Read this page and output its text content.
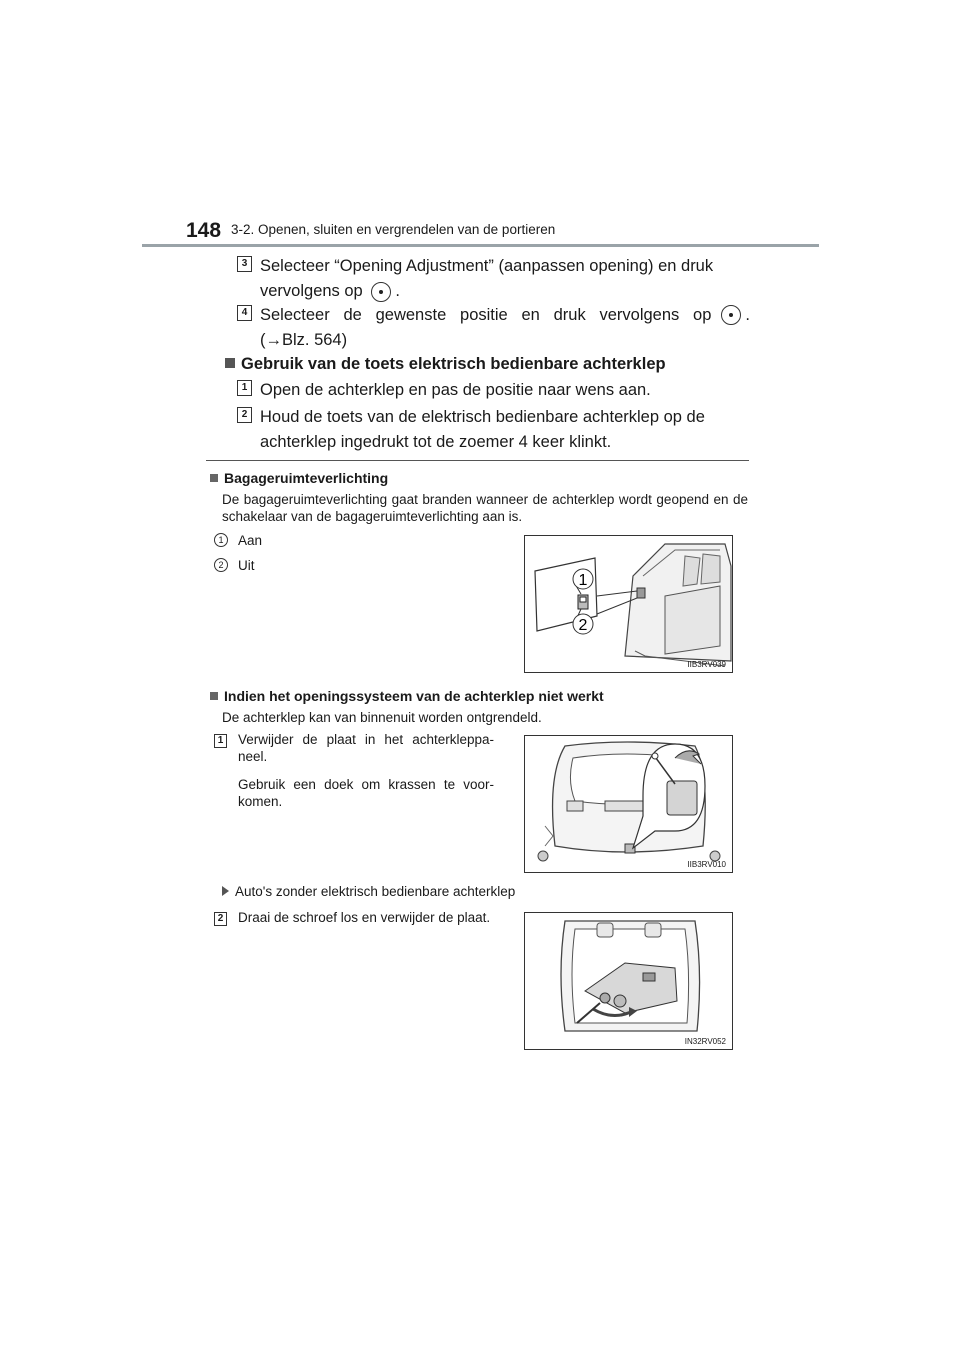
148 3-2. Openen, sluiten en vergrendelen van de portieren
3 Selecteer “Opening Adjustment” (aanpassen opening) en druk
vervolgens op .
4 Selecteer de gewenste positie en druk vervolgens op .
(→Blz. 564)
Gebruik van de toets elektrisch bedienbare achterklep
1 Open de achterklep en pas de positie naar wens aan.
2 Houd de toets van de elektrisch bedienbare achterklep op de
achterklep ingedrukt tot de zoemer 4 keer klinkt.
Bagageruimteverlichting
De bagageruimteverlichting gaat branden wanneer de achterklep wordt geopend en de schakelaar van de bagageruimteverlichting aan is.
1	Aan
2	Uit
1
2
IIB3RV039
Indien het openingssysteem van de achterklep niet werkt
De achterklep kan van binnenuit worden ontgrendeld.
1 Verwijder de plaat in het achterkleppa-neel.
Gebruik een doek om krassen te voor-komen.
IIB3RV010
Auto's zonder elektrisch bedienbare achterklep
2 Draai de schroef los en verwijder de plaat.
IN32RV052
